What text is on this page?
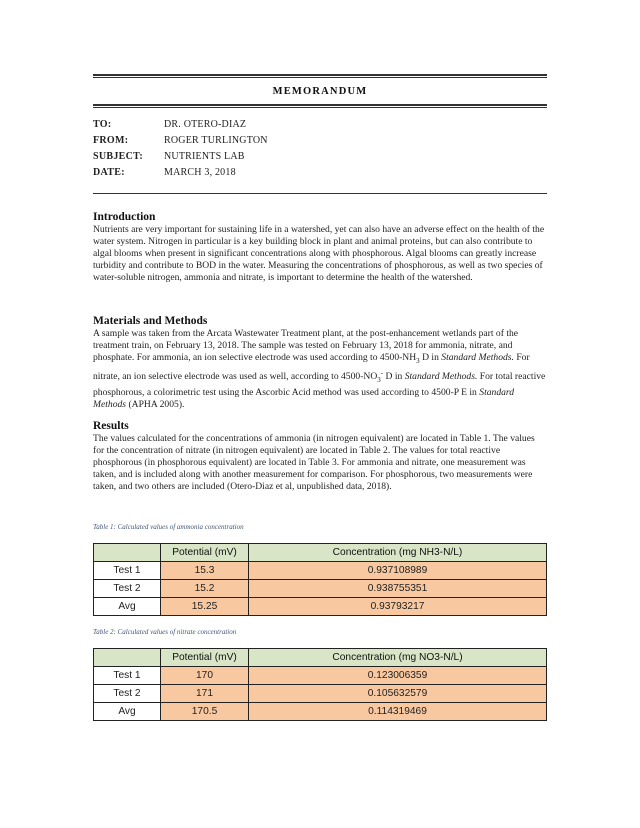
MEMORANDUM
TO:	DR. OTERO-DIAZ
FROM:	ROGER TURLINGTON
SUBJECT: NUTRIENTS LAB
DATE:	MARCH 3, 2018
Introduction

Nutrients are very important for sustaining life in a watershed, yet can also have an adverse effect on the health of the water system. Nitrogen in particular is a key building block in plant and animal proteins, but can also contribute to algal blooms when present in significant concentrations along with phosphorous. Algal blooms can greatly increase turbidity and contribute to BOD in the water. Measuring the concentrations of phosphorous, as well as two species of water-soluble nitrogen, ammonia and nitrate, is important to determine the health of the watershed.

Materials and Methods

A sample was taken from the Arcata Wastewater Treatment plant, at the post-enhancement wetlands part of the treatment train, on February 13, 2018. The sample was tested on February 13, 2018 for ammonia, nitrate, and phosphate. For ammonia, an ion selective electrode was used according to $4500-NH_3$ D in Standard Methods. For nitrate, an ion selective electrode was used as well, according to $4500-NO_3^-$ D in Standard Methods. For total reactive phosphorous, a colorimetric test using the Ascorbic Acid method was used according to 4500-P E in Standard Methods (APHA 2005).

Results

The values calculated for the concentrations of ammonia (in nitrogen equivalent) are located in Table 1. The values for the concentration of nitrate (in nitrogen equivalent) are located in Table 2. The values for total reactive phosphorous (in phosphorous equivalent) are located in Table 3. For ammonia and nitrate, one measurement was taken, and is included along with another measurement for comparison. For phosphorous, two measurements were taken, and two others are included (Otero-Diaz et al, unpublished data, 2018).

Table 1: Calculated values of ammonia concentration
	Potential (mV)	Concentration (mg NH3-N/L)
Test 1	15.3	0.937108989
Test 2	15.2	0.938755351
Avg	15.25	0.93793217
Table 2: Calculated values of nitrate concentration
	Potential (mV)	Concentration (mg NO3-N/L)
Test 1	170	0.123006359
Test 2	171	0.105632579
Avg	170.5	0.114319469
